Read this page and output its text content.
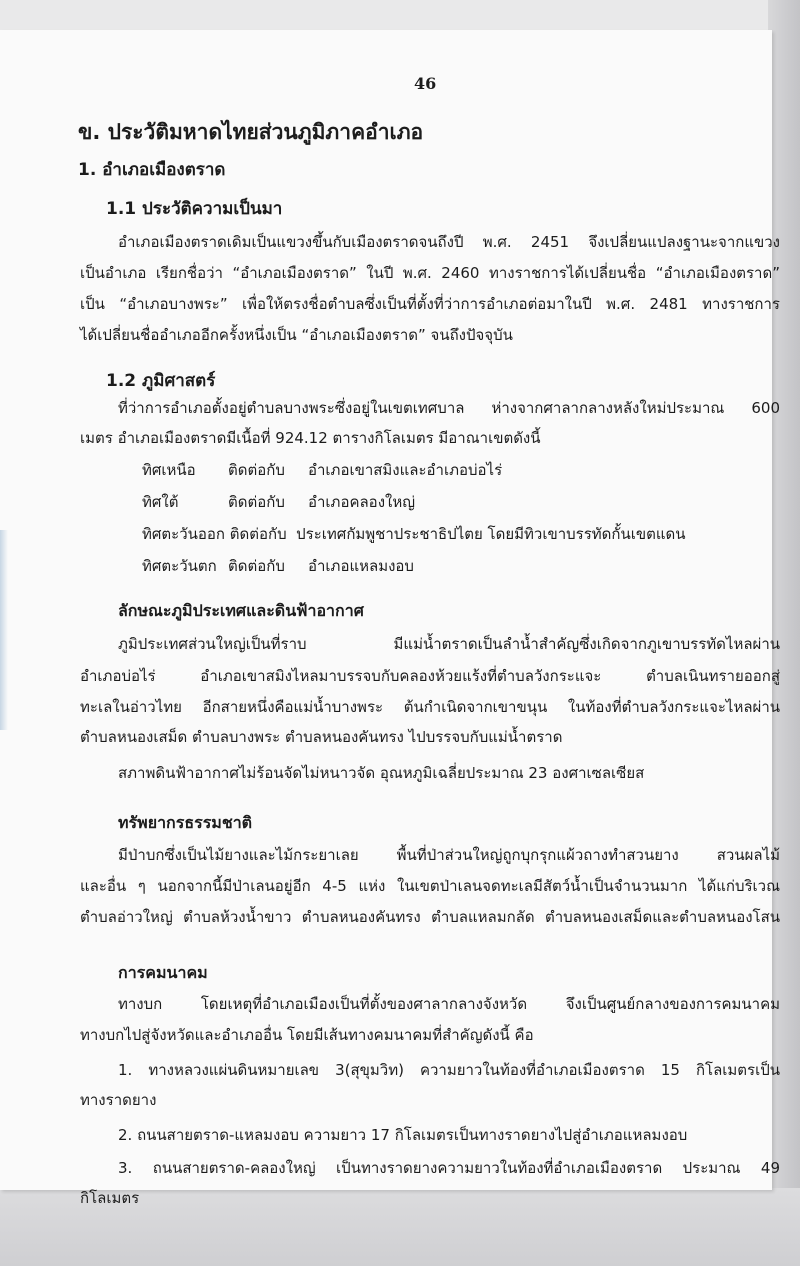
46
ข. ประวัติมหาดไทยส่วนภูมิภาคอำเภอ
1. อำเภอเมืองตราด
1.1 ประวัติความเป็นมา
อำเภอเมืองตราดเดิมเป็นแขวงขึ้นกับเมืองตราดจนถึงปี พ.ศ. 2451 จึงเปลี่ยนแปลงฐานะจากแขวง
เป็นอำเภอ เรียกชื่อว่า “อำเภอเมืองตราด” ในปี พ.ศ. 2460 ทางราชการได้เปลี่ยนชื่อ “อำเภอเมืองตราด”
เป็น “อำเภอบางพระ” เพื่อให้ตรงชื่อตำบลซึ่งเป็นที่ตั้งที่ว่าการอำเภอต่อมาในปี พ.ศ. 2481 ทางราชการ
ได้เปลี่ยนชื่ออำเภออีกครั้งหนึ่งเป็น “อำเภอเมืองตราด” จนถึงปัจจุบัน
1.2 ภูมิศาสตร์
ที่ว่าการอำเภอตั้งอยู่ตำบลบางพระซึ่งอยู่ในเขตเทศบาล ห่างจากศาลากลางหลังใหม่ประมาณ 600
เมตร อำเภอเมืองตราดมีเนื้อที่ 924.12 ตารางกิโลเมตร มีอาณาเขตดังนี้
ทิศเหนือ ติดต่อกับ อำเภอเขาสมิงและอำเภอบ่อไร่
ทิศใต้	ติดต่อกับ อำเภอคลองใหญ่
ทิศตะวันออก ติดต่อกับ ประเทศกัมพูชาประชาธิปไตย โดยมีทิวเขาบรรทัดกั้นเขตแดน
ทิศตะวันตก ติดต่อกับ อำเภอแหลมงอบ
ลักษณะภูมิประเทศและดินฟ้าอากาศ
ภูมิประเทศส่วนใหญ่เป็นที่ราบ มีแม่น้ำตราดเป็นลำน้ำสำคัญซึ่งเกิดจากภูเขาบรรทัดไหลผ่าน
อำเภอบ่อไร่ อำเภอเขาสมิงไหลมาบรรจบกับคลองห้วยแร้งที่ตำบลวังกระแจะ ตำบลเนินทรายออกสู่
ทะเลในอ่าวไทย อีกสายหนึ่งคือแม่น้ำบางพระ ต้นกำเนิดจากเขาขนุน ในท้องที่ตำบลวังกระแจะไหลผ่าน
ตำบลหนองเสม็ด ตำบลบางพระ ตำบลหนองคันทรง ไปบรรจบกับแม่น้ำตราด
สภาพดินฟ้าอากาศไม่ร้อนจัดไม่หนาวจัด อุณหภูมิเฉลี่ยประมาณ 23 องศาเซลเซียส
ทรัพยากรธรรมชาติ
มีป่าบกซึ่งเป็นไม้ยางและไม้กระยาเลย พื้นที่ป่าส่วนใหญ่ถูกบุกรุกแผ้วถางทำสวนยาง สวนผลไม้
และอื่น ๆ นอกจากนี้มีป่าเลนอยู่อีก 4-5 แห่ง ในเขตป่าเลนจดทะเลมีสัตว์น้ำเป็นจำนวนมาก ได้แก่บริเวณ
ตำบลอ่าวใหญ่ ตำบลห้วงน้ำขาว ตำบลหนองคันทรง ตำบลแหลมกลัด ตำบลหนองเสม็ดและตำบลหนองโสน
การคมนาคม
ทางบก โดยเหตุที่อำเภอเมืองเป็นที่ตั้งของศาลากลางจังหวัด จึงเป็นศูนย์กลางของการคมนาคม
ทางบกไปสู่จังหวัดและอำเภออื่น โดยมีเส้นทางคมนาคมที่สำคัญดังนี้ คือ
1. ทางหลวงแผ่นดินหมายเลข 3(สุขุมวิท) ความยาวในท้องที่อำเภอเมืองตราด 15 กิโลเมตรเป็น
ทางราดยาง
2. ถนนสายตราด-แหลมงอบ ความยาว 17 กิโลเมตรเป็นทางราดยางไปสู่อำเภอแหลมงอบ
3. ถนนสายตราด-คลองใหญ่ เป็นทางราดยางความยาวในท้องที่อำเภอเมืองตราด ประมาณ 49
กิโลเมตร
